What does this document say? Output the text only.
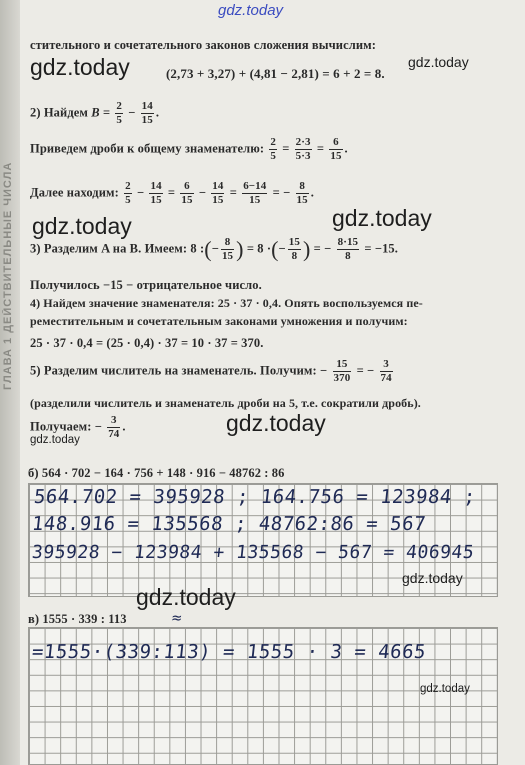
ГЛАВА 1 ДЕЙСТВИТЕЛЬНЫЕ ЧИСЛА
стительного и сочетательного законов сложения вычислим:
(2,73 + 3,27) + (4,81 − 2,81) = 6 + 2 = 8.
2) Найдем $B = \frac{2}{5} - \frac{14}{15}$ .
Приведем дроби к общему знаменателю: $\frac{2}{5} = \frac{2\cdot 3}{5\cdot 3} = \frac{6}{15}$ .
Далее находим: $\frac{2}{5} - \frac{14}{15} = \frac{6}{15} - \frac{14}{15} = \frac{6-14}{15}$ = − $\frac{8}{15}$ .
3) Разделим A на B. Имеем: 8 :(− $\frac{8}{15}$ ) = 8 ·(− $\frac{15}{8}$ ) = − $\frac{8\cdot 15}{8} = -15$.
Получилось −15 − отрицательное число.
4) Найдем значение знаменателя: 25 · 37 · 0,4. Опять воспользуемся пе-
реместительным и сочетательным законами умножения и получим:
25 · 37 · 0,4 = (25 · 0,4) · 37 = 10 · 37 = 370.
5) Разделим числитель на знаменатель. Получим: − $\frac{15}{370}$ = − $\frac{3}{74}$
(разделили числитель и знаменатель дроби на 5, т.е. сократили дробь).
Получаем: − $\frac{3}{74}$ .
б) 564 · 702 − 164 · 756 + 148 · 916 − 48762 : 86
564.702 = 395928 ; 164.756 = 123984 ;
148.916 = 135568 ; 48762:86 = 567
395928 − 123984 + 135568 − 567 = 406945
в) 1555 · 339 : 113	≈
=1555·(339:113) = 1555 · 3 = 4665
gdz.today
gdz.today	gdz.today
gdz.today	gdz.today
gdz.today
gdz.today
gdz.today
gdz.today
gdz.today
